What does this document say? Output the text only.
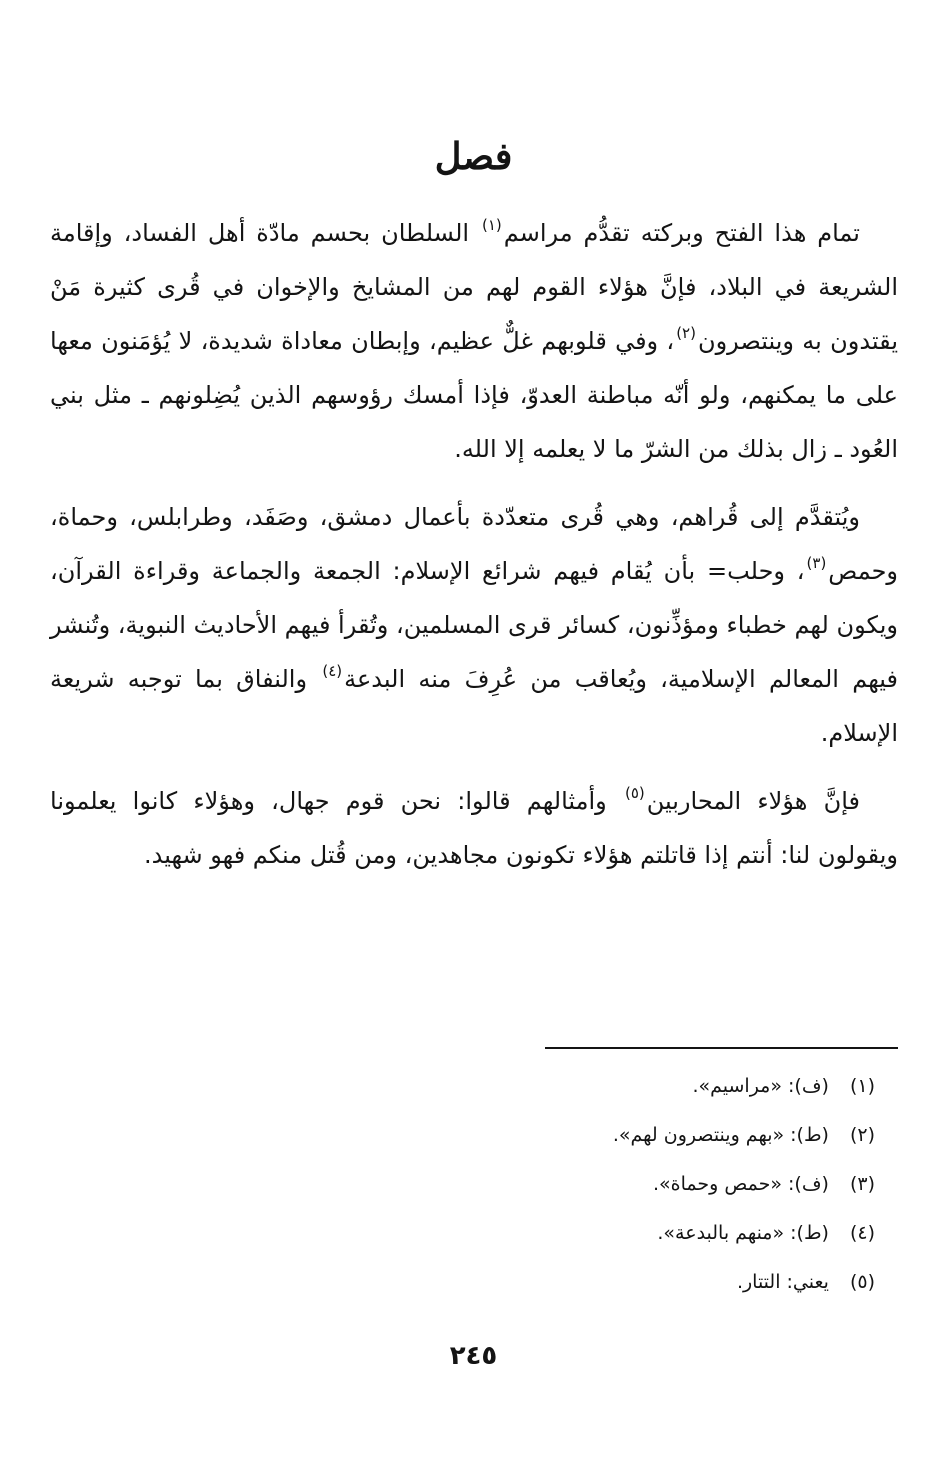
فصل

تمام هذا الفتح وبركته تقدُّم مراسم$^{(١)}$ السلطان بحسم مادّة أهل الفساد، وإقامة الشريعة في البلاد، فإنَّ هؤلاء القوم لهم من المشايخ والإخوان في قُرى كثيرة مَنْ يقتدون به وينتصرون$^{(٢)}$، وفي قلوبهم غلٌّ عظيم، وإبطان معاداة شديدة، لا يُؤمَنون معها على ما يمكنهم، ولو أنّه مباطنة العدوّ، فإذا أمسك رؤوسهم الذين يُضِلونهم ـ مثل بني العُود ـ زال بذلك من الشرّ ما لا يعلمه إلا الله.

ويُتقدَّم إلى قُراهم، وهي قُرى متعدّدة بأعمال دمشق، وصَفَد، وطرابلس، وحماة، وحمص$^{(٣)}$، وحلب= بأن يُقام فيهم شرائع الإسلام: الجمعة والجماعة وقراءة القرآن، ويكون لهم خطباء ومؤذِّنون، كسائر قرى المسلمين، وتُقرأ فيهم الأحاديث النبوية، وتُنشر فيهم المعالم الإسلامية، ويُعاقب من عُرِفَ منه البدعة$^{(٤)}$ والنفاق بما توجبه شريعة الإسلام.

فإنَّ هؤلاء المحاربين$^{(٥)}$ وأمثالهم قالوا: نحن قوم جهال، وهؤلاء كانوا يعلمونا ويقولون لنا: أنتم إذا قاتلتم هؤلاء تكونون مجاهدين، ومن قُتل منكم فهو شهيد.

(١) (ف): «مراسيم».
(٢) (ط): «بهم وينتصرون لهم».
(٣) (ف): «حمص وحماة».
(٤) (ط): «منهم بالبدعة».
(٥) يعني: التتار.
٢٤٥
